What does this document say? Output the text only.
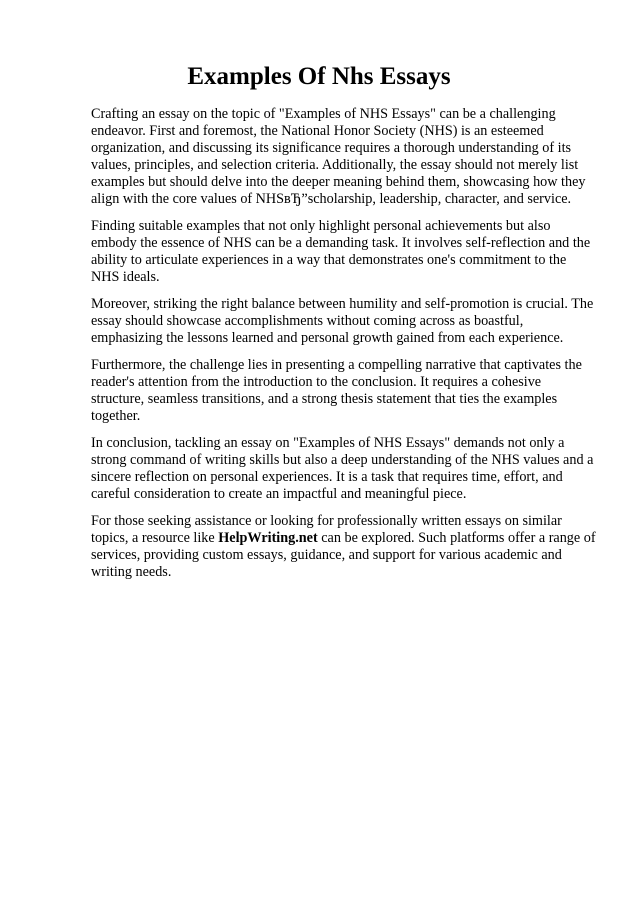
Examples Of Nhs Essays

Crafting an essay on the topic of "Examples of NHS Essays" can be a challenging endeavor. First and foremost, the National Honor Society (NHS) is an esteemed organization, and discussing its significance requires a thorough understanding of its values, principles, and selection criteria. Additionally, the essay should not merely list examples but should delve into the deeper meaning behind them, showcasing how they align with the core values of NHSвЂ”scholarship, leadership, character, and service.

Finding suitable examples that not only highlight personal achievements but also embody the essence of NHS can be a demanding task. It involves self-reflection and the ability to articulate experiences in a way that demonstrates one's commitment to the NHS ideals.

Moreover, striking the right balance between humility and self-promotion is crucial. The essay should showcase accomplishments without coming across as boastful, emphasizing the lessons learned and personal growth gained from each experience.

Furthermore, the challenge lies in presenting a compelling narrative that captivates the reader's attention from the introduction to the conclusion. It requires a cohesive structure, seamless transitions, and a strong thesis statement that ties the examples together.

In conclusion, tackling an essay on "Examples of NHS Essays" demands not only a strong command of writing skills but also a deep understanding of the NHS values and a sincere reflection on personal experiences. It is a task that requires time, effort, and careful consideration to create an impactful and meaningful piece.

For those seeking assistance or looking for professionally written essays on similar topics, a resource like HelpWriting.net can be explored. Such platforms offer a range of services, providing custom essays, guidance, and support for various academic and writing needs.
